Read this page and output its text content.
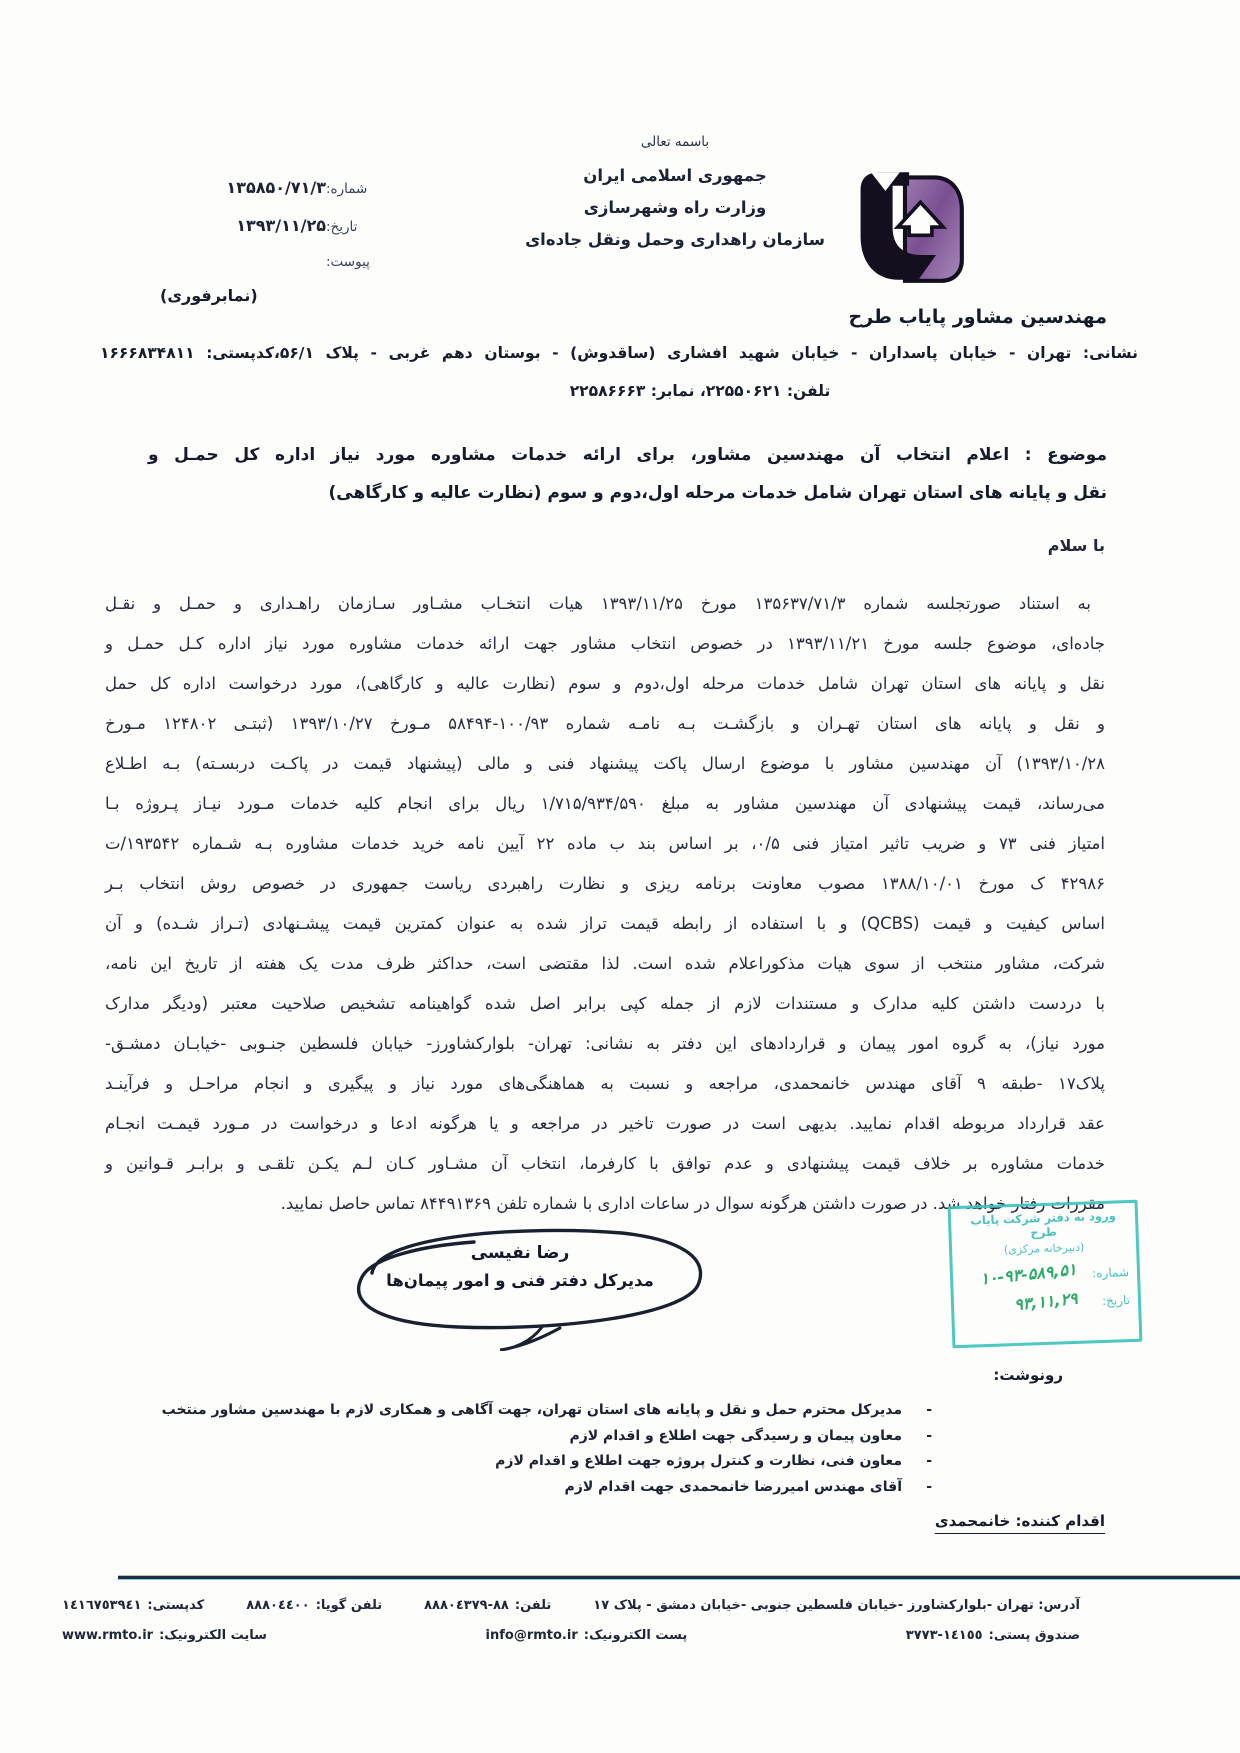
باسمه تعالی
جمهوری اسلامی ایران
وزارت راه وشهرسازی
سازمان راهداری وحمل ونقل جاده‌ای
شماره:
۱۳۵۸۵۰/۷۱/۳
تاریخ:
۱۳۹۳/۱۱/۲۵
پیوست:
(نمابرفوری)
مهندسین مشاور پایاب طرح
نشانی: تهران - خیابان پاسداران - خیابان شهید افشاری (ساقدوش) - بوستان دهم غربی - پلاک ۵۶/۱،کدپستی: ۱۶۶۶۸۳۴۸۱۱
تلفن: ۲۲۵۵۰۶۲۱، نمابر: ۲۲۵۸۶۶۶۳
موضوع : اعلام انتخاب آن مهندسین مشاور، برای ارائه خدمات مشاوره مورد نیاز اداره کل حمـل و
نقل و پایانه های استان تهران شامل خدمات مرحله اول،دوم و سوم (نظارت عالیه و کارگاهی)
با سلام
به استناد صورتجلسه شماره ۱۳۵۶۳۷/۷۱/۳ مورخ ۱۳۹۳/۱۱/۲۵ هیات انتخـاب مشـاور سـازمان راهـداری و حمـل و نقـل
جاده‌ای، موضوع جلسه مورخ ۱۳۹۳/۱۱/۲۱ در خصوص انتخاب مشاور جهت ارائه خدمات مشاوره مورد نیاز اداره کـل حمـل و
نقل و پایانه های استان تهران شامل خدمات مرحله اول،دوم و سوم (نظارت عالیه و کارگاهی)، مورد درخواست اداره کل حمل
و نقل و پایانه های استان تهـران و بازگشـت بـه نامـه شماره ۱۰۰/۹۳-۵۸۴۹۴ مـورخ ۱۳۹۳/۱۰/۲۷ (ثبتـی ۱۲۴۸۰۲ مـورخ
۱۳۹۳/۱۰/۲۸) آن مهندسین مشاور با موضوع ارسال پاکت پیشنهاد فنی و مالی (پیشنهاد قیمت در پاکـت دربسـته) بـه اطـلاع
می‌رساند، قیمت پیشنهادی آن مهندسین مشاور به مبلغ ۱/۷۱۵/۹۳۴/۵۹۰ ریال برای انجام کلیه خدمات مـورد نیـاز پـروژه بـا
امتیاز فنی ۷۳ و ضریب تاثیر امتیاز فنی ۰/۵، بر اساس بند ب ماده ۲۲ آیین نامه خرید خدمات مشاوره بـه شـماره ۱۹۳۵۴۲/ت
۴۲۹۸۶ ک مورخ ۱۳۸۸/۱۰/۰۱ مصوب معاونت برنامه ریزی و نظارت راهبردی ریاست جمهوری در خصوص روش انتخاب بـر
اساس کیفیت و قیمت (QCBS) و با استفاده از رابطه قیمت تراز شده به عنوان کمترین قیمت پیشـنهادی (تـراز شـده) و آن
شرکت، مشاور منتخب از سوی هیات مذکوراعلام شده است. لذا مقتضی است، حداکثر ظرف مدت یک هفته از تاریخ این نامه،
با دردست داشتن کلیه مدارک و مستندات لازم از جمله کپی برابر اصل شده گواهینامه تشخیص صلاحیت معتبر (ودیگر مدارک
مورد نیاز)، به گروه امور پیمان و قراردادهای این دفتر به نشانی: تهران- بلوارکشاورز- خیابان فلسطین جنـوبی -خیابـان دمشـق-
پلاک۱۷ -طبقه ۹ آقای مهندس خانمحمدی، مراجعه و نسبت به هماهنگی‌های مورد نیاز و پیگیری و انجام مراحـل و فرآینـد
عقد قرارداد مربوطه اقدام نمایید. بدیهی است در صورت تاخیر در مراجعه و یا هرگونه ادعا و درخواست در مـورد قیمـت انجـام
خدمات مشاوره بر خلاف قیمت پیشنهادی و عدم توافق با کارفرما، انتخاب آن مشـاور کـان لـم یکـن تلقـی و برابـر قـوانین و
مقررات رفتار خواهد شد. در صورت داشتن هرگونه سوال در ساعات اداری با شماره تلفن ۸۴۴۹۱۳۶۹ تماس حاصل نمایید.
رضا نفیسی
مدیرکل دفتر فنی و امور پیمان‌ها
ورود به دفتر شرکت پایاب طرح
(دبیرخانه مرکزی)
شماره:
۱۰-۹۳-۵۸۹,۵۱
تاریخ:
۹۳,۱۱,۲۹
رونوشت:
-
مدیرکل محترم حمل و نقل و پایانه های استان تهران، جهت آگاهی و همکاری لازم با مهندسین مشاور منتخب
-
معاون پیمان و رسیدگی جهت اطلاع و اقدام لازم
-
معاون فنی، نظارت و کنترل پروژه جهت اطلاع و اقدام لازم
-
آقای مهندس امیررضا خانمحمدی جهت اقدام لازم
اقدام کننده: خانمحمدی
آدرس: تهران -بلوارکشاورز -خیابان فلسطین جنوبی -خیابان دمشق - پلاک ۱۷
تلفن:
٨٨-٨٨٨٠٤٣٧٩
تلفن گویا:
٨٨٨٠٤٤٠٠
کدپستی:
١٤١٦٧٥٣٩٤١
صندوق پستی:
١٤١٥٥-٣٧٧٣
پست الکترونیک:
info@rmto.ir
سایت الکترونیک:
www.rmto.ir
